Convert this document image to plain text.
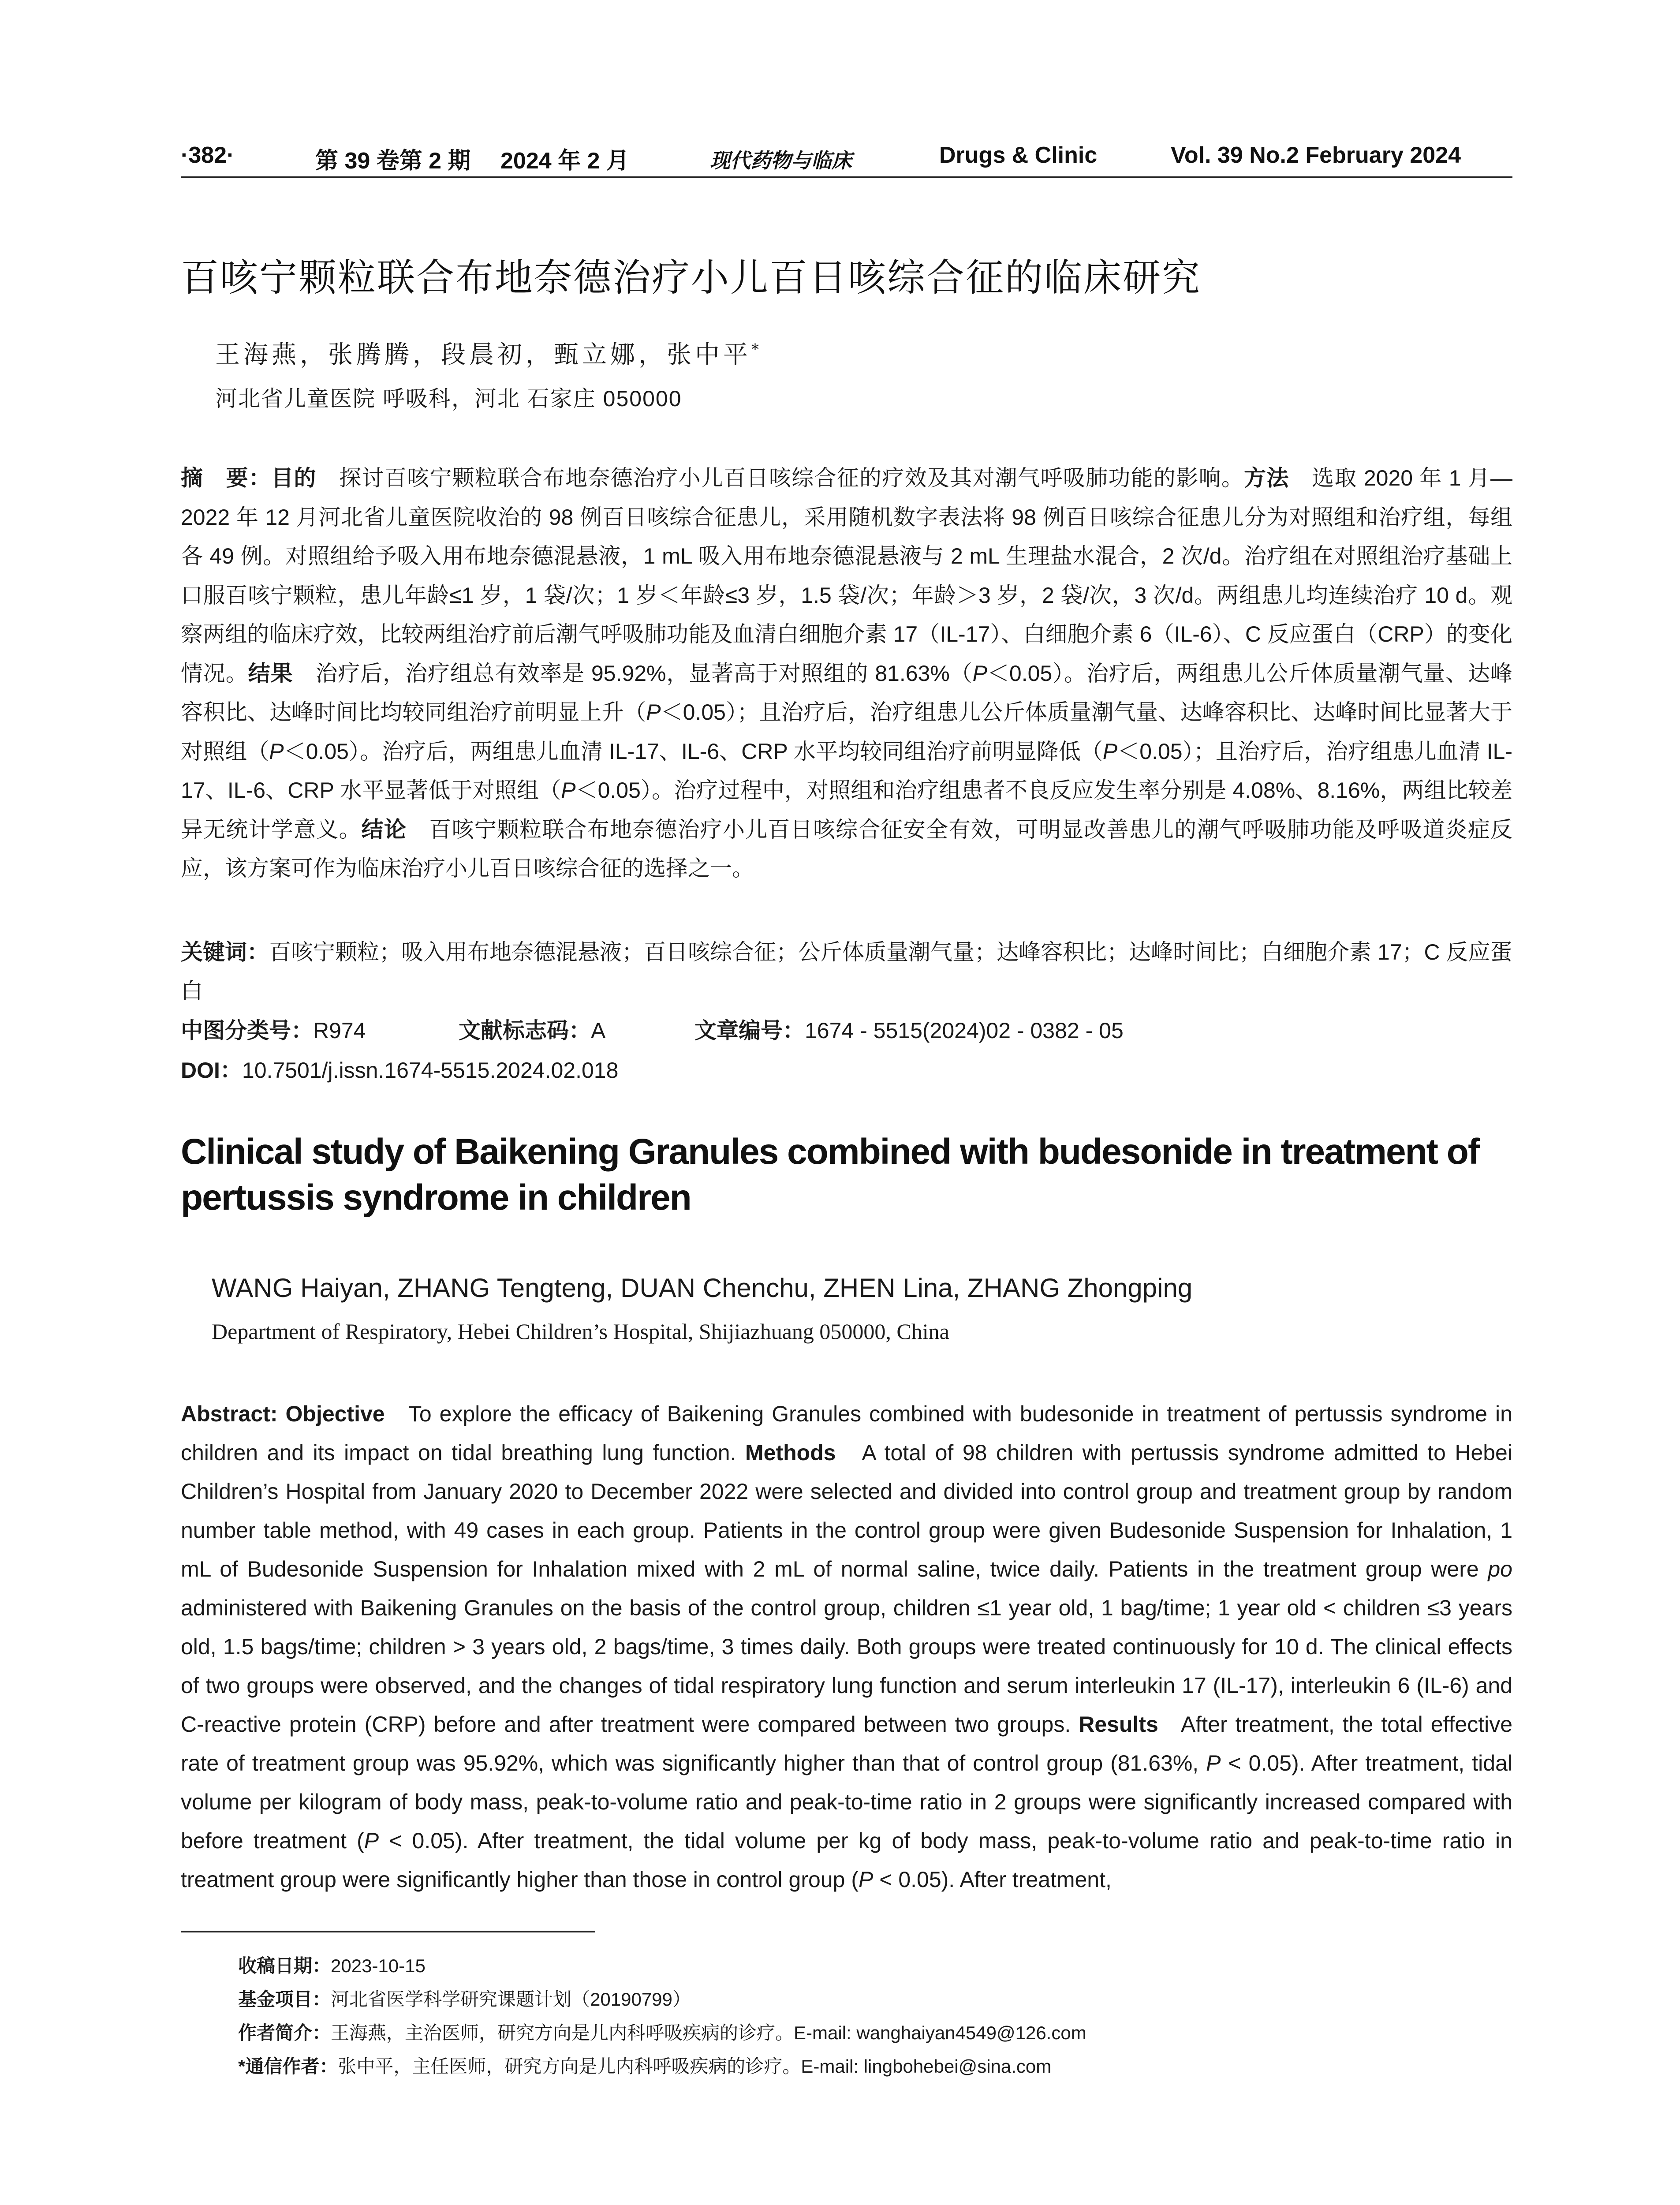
·382·	第 39 卷第 2 期 2024 年 2 月	现代药物与临床	Drugs & Clinic	Vol. 39 No.2 February 2024
百咳宁颗粒联合布地奈德治疗小儿百日咳综合征的临床研究
王海燕，张腾腾，段晨初，甄立娜，张中平*
河北省儿童医院 呼吸科，河北 石家庄 050000
摘　要：目的　 探讨百咳宁颗粒联合布地奈德治疗小儿百日咳综合征的疗效及其对潮气呼吸肺功能的影响。方法　 选取 2020 年 1 月—2022 年 12 月河北省儿童医院收治的 98 例百日咳综合征患儿，采用随机数字表法将 98 例百日咳综合征患儿分为对照组和治疗组，每组各 49 例。对照组给予吸入用布地奈德混悬液，1 mL 吸入用布地奈德混悬液与 2 mL 生理盐水混合，2 次/d。治疗组在对照组治疗基础上口服百咳宁颗粒，患儿年龄≤1 岁，1 袋/次；1 岁＜年龄≤3 岁，1.5 袋/次；年龄＞3 岁，2 袋/次，3 次/d。两组患儿均连续治疗 10 d。观察两组的临床疗效，比较两组治疗前后潮气呼吸肺功能及血清白细胞介素 17（IL-17）、白细胞介素 6（IL-6）、C 反应蛋白（CRP）的变化情况。结果　 治疗后，治疗组总有效率是 95.92%，显著高于对照组的 81.63%（P＜0.05）。治疗后，两组患儿公斤体质量潮气量、达峰容积比、达峰时间比均较同组治疗前明显上升（P＜0.05）；且治疗后，治疗组患儿公斤体质量潮气量、达峰容积比、达峰时间比显著大于对照组（P＜0.05）。治疗后，两组患儿血清 IL-17、IL-6、CRP 水平均较同组治疗前明显降低（P＜0.05）；且治疗后，治疗组患儿血清 IL-17、IL-6、CRP 水平显著低于对照组（P＜0.05）。治疗过程中，对照组和治疗组患者不良反应发生率分别是 4.08%、8.16%，两组比较差异无统计学意义。结论　 百咳宁颗粒联合布地奈德治疗小儿百日咳综合征安全有效，可明显改善患儿的潮气呼吸肺功能及呼吸道炎症反应，该方案可作为临床治疗小儿百日咳综合征的选择之一。
关键词：百咳宁颗粒；吸入用布地奈德混悬液；百日咳综合征；公斤体质量潮气量；达峰容积比；达峰时间比；白细胞介素 17；C 反应蛋白
中图分类号：R974	文献标志码：A	文章编号：1674 - 5515(2024)02 - 0382 - 05
DOI：10.7501/j.issn.1674-5515.2024.02.018
Clinical study of Baikening Granules combined with budesonide in treatment of pertussis syndrome in children
WANG Haiyan, ZHANG Tengteng, DUAN Chenchu, ZHEN Lina, ZHANG Zhongping
Department of Respiratory, Hebei Children’s Hospital, Shijiazhuang 050000, China
Abstract: Objective To explore the efficacy of Baikening Granules combined with budesonide in treatment of pertussis syndrome in children and its impact on tidal breathing lung function. Methods A total of 98 children with pertussis syndrome admitted to Hebei Children’s Hospital from January 2020 to December 2022 were selected and divided into control group and treatment group by random number table method, with 49 cases in each group. Patients in the control group were given Budesonide Suspension for Inhalation, 1 mL of Budesonide Suspension for Inhalation mixed with 2 mL of normal saline, twice daily. Patients in the treatment group were po administered with Baikening Granules on the basis of the control group, children ≤1 year old, 1 bag/time; 1 year old < children ≤3 years old, 1.5 bags/time; children > 3 years old, 2 bags/time, 3 times daily. Both groups were treated continuously for 10 d. The clinical effects of two groups were observed, and the changes of tidal respiratory lung function and serum interleukin 17 (IL-17), interleukin 6 (IL-6) and C-reactive protein (CRP) before and after treatment were compared between two groups. Results After treatment, the total effective rate of treatment group was 95.92%, which was significantly higher than that of control group (81.63%, P < 0.05). After treatment, tidal volume per kilogram of body mass, peak-to-volume ratio and peak-to-time ratio in 2 groups were significantly increased compared with before treatment (P < 0.05). After treatment, the tidal volume per kg of body mass, peak-to-volume ratio and peak-to-time ratio in treatment group were significantly higher than those in control group (P < 0.05). After treatment,
收稿日期：2023-10-15
基金项目：河北省医学科学研究课题计划（20190799）
作者简介：王海燕，主治医师，研究方向是儿内科呼吸疾病的诊疗。E-mail: wanghaiyan4549@126.com
*通信作者：张中平，主任医师，研究方向是儿内科呼吸疾病的诊疗。E-mail: lingbohebei@sina.com
